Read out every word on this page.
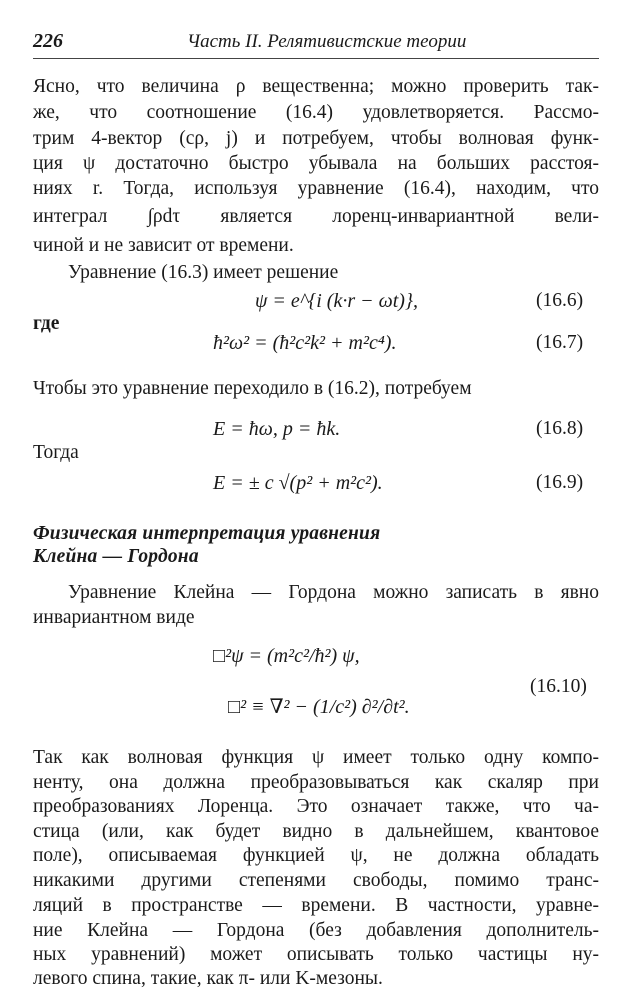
226	Часть II. Релятивистские теории
Ясно, что величина ρ вещественна; можно проверить так-
же, что соотношение (16.4) удовлетворяется. Рассмо-
трим 4-вектор (cρ, j) и потребуем, чтобы волновая функ-
ция ψ достаточно быстро убывала на больших расстоя-
ниях r. Тогда, используя уравнение (16.4), находим, что
интеграл ∫ρdτ является лоренц-инвариантной вели-
чиной и не зависит от времени.
Уравнение (16.3) имеет решение
ψ = e^{i (k·r − ωt)},	(16.6)
где
ħ²ω² = (ħ²c²k² + m²c⁴).	(16.7)
Чтобы это уравнение переходило в (16.2), потребуем
E = ħω, p = ħk.	(16.8)
Тогда
E = ± c √(p² + m²c²).	(16.9)
Физическая интерпретация уравнения
Клейна — Гордона
Уравнение Клейна — Гордона можно записать в явно
инвариантном виде
□²ψ = (m²c²/ħ²) ψ,
□² ≡ ∇² − (1/c²) ∂²/∂t².
(16.10)
Так как волновая функция ψ имеет только одну компо-
ненту, она должна преобразовываться как скаляр при
преобразованиях Лоренца. Это означает также, что ча-
стица (или, как будет видно в дальнейшем, квантовое
поле), описываемая функцией ψ, не должна обладать
никакими другими степенями свободы, помимо транс-
ляций в пространстве — времени. В частности, уравне-
ние Клейна — Гордона (без добавления дополнитель-
ных уравнений) может описывать только частицы ну-
левого спина, такие, как π- или K-мезоны.
